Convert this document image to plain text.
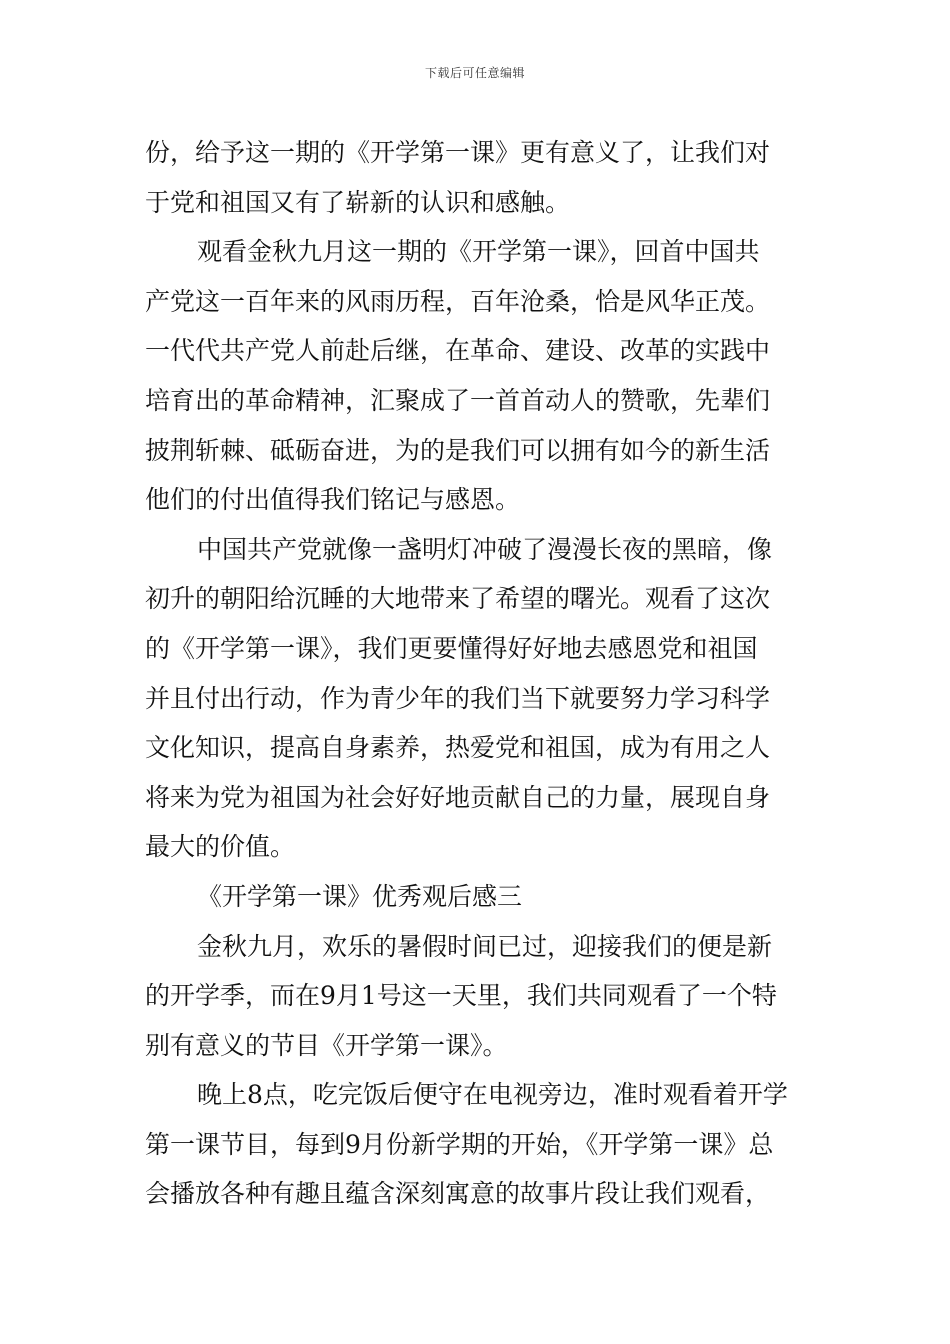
下载后可任意编辑
份，给予这一期的《开学第一课》更有意义了，让我们对
于党和祖国又有了崭新的认识和感触。
观看金秋九月这一期的《开学第一课》，回首中国共
产党这一百年来的风雨历程，百年沧桑，恰是风华正茂。
一代代共产党人前赴后继，在革命、建设、改革的实践中
培育出的革命精神，汇聚成了一首首动人的赞歌，先辈们
披荆斩棘、砥砺奋进，为的是我们可以拥有如今的新生活
他们的付出值得我们铭记与感恩。
中国共产党就像一盏明灯冲破了漫漫长夜的黑暗，像
初升的朝阳给沉睡的大地带来了希望的曙光。观看了这次
的《开学第一课》，我们更要懂得好好地去感恩党和祖国
并且付出行动，作为青少年的我们当下就要努力学习科学
文化知识，提高自身素养，热爱党和祖国，成为有用之人
将来为党为祖国为社会好好地贡献自己的力量，展现自身
最大的价值。
《开学第一课》优秀观后感三
金秋九月，欢乐的暑假时间已过，迎接我们的便是新
的开学季，而在9月1号这一天里，我们共同观看了一个特
别有意义的节目《开学第一课》。
晚上8点，吃完饭后便守在电视旁边，准时观看着开学
第一课节目，每到9月份新学期的开始，《开学第一课》总
会播放各种有趣且蕴含深刻寓意的故事片段让我们观看，
